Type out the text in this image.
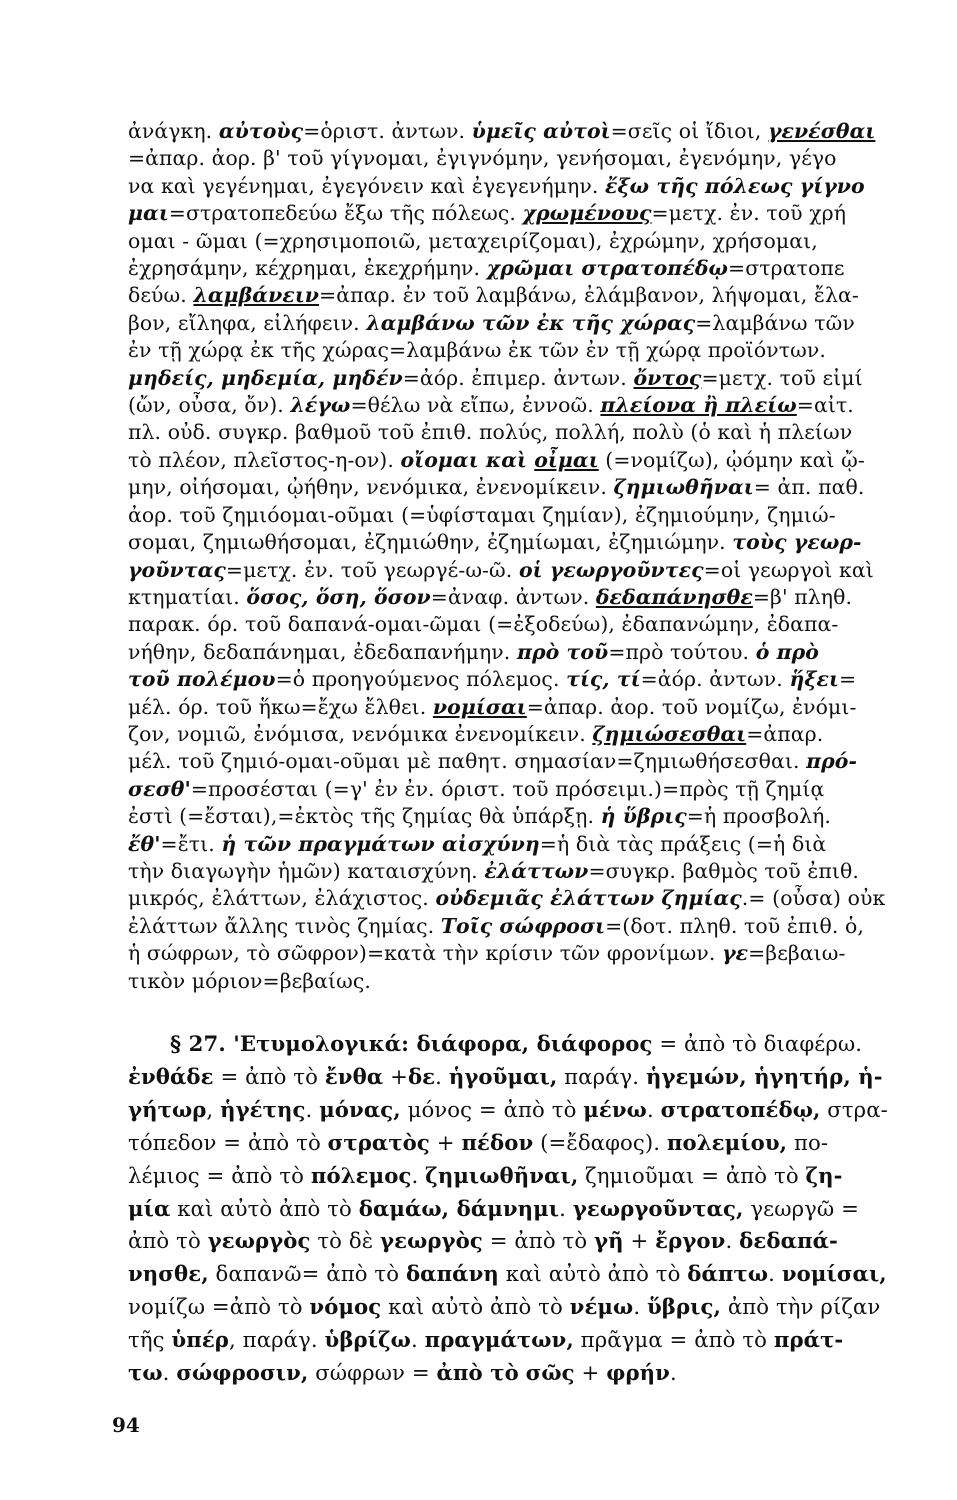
ἀνάγκη. αὐτοὺς=ὁριστ. ἀντων. ὑμεῖς αὐτοὶ=σεῖς οἱ ἴδιοι, γενέσθαι
=ἀπαρ. ἀορ. β' τοῦ γίγνομαι, ἐγιγνόμην, γενήσομαι, ἐγενόμην, γέγο
να καὶ γεγένημαι, ἐγεγόνειν καὶ ἐγεγενήμην. ἔξω τῆς πόλεως γίγνο
μαι=στρατοπεδεύω ἔξω τῆς πόλεως. χρωμένους=μετχ. ἐν. τοῦ χρή
ομαι - ῶμαι (=χρησιμοποιῶ, μεταχειρίζομαι), ἐχρώμην, χρήσομαι,
ἐχρησάμην, κέχρημαι, ἐκεχρήμην. χρῶμαι στρατοπέδῳ=στρατοπε
δεύω. λαμβάνειν=ἀπαρ. ἐν τοῦ λαμβάνω, ἐλάμβανον, λήψομαι, ἔλα-
βον, εἴληφα, εἰλήφειν. λαμβάνω τῶν ἐκ τῆς χώρας=λαμβάνω τῶν
ἐν τῇ χώρᾳ ἐκ τῆς χώρας=λαμβάνω ἐκ τῶν ἐν τῇ χώρᾳ προϊόντων.
μηδείς, μηδεμία, μηδέν=ἀόρ. ἐπιμερ. ἀντων. ὄντος=μετχ. τοῦ εἰμί
(ὤν, οὖσα, ὄν). λέγω=θέλω νὰ εἴπω, ἐννοῶ. πλείονα ἢ πλείω=αἰτ.
πλ. οὐδ. συγκρ. βαθμοῦ τοῦ ἐπιθ. πολύς, πολλή, πολὺ (ὁ καὶ ἡ πλείων
τὸ πλέον, πλεῖστος-η-ον). οἴομαι καὶ οἶμαι (=νομίζω), ᾠόμην καὶ ᾤ-
μην, οἰήσομαι, ᾠήθην, νενόμικα, ἐνενομίκειν. ζημιωθῆναι= ἀπ. παθ.
ἀορ. τοῦ ζημιόομαι-οῦμαι (=ὑφίσταμαι ζημίαν), ἐζημιούμην, ζημιώ-
σομαι, ζημιωθήσομαι, ἐζημιώθην, ἐζημίωμαι, ἐζημιώμην. τοὺς γεωρ-
γοῦντας=μετχ. ἐν. τοῦ γεωργέ-ω-ῶ. οἱ γεωργοῦντες=οἱ γεωργοὶ καὶ
κτηματίαι. ὅσος, ὅση, ὅσον=ἀναφ. ἀντων. δεδαπάνησθε=β' πληθ.
παρακ. όρ. τοῦ δαπανά-ομαι-ῶμαι (=ἐξοδεύω), ἐδαπανώμην, ἐδαπα-
νήθην, δεδαπάνημαι, ἐδεδαπανήμην. πρὸ τοῦ=πρὸ τούτου. ὁ πρὸ
τοῦ πολέμου=ὁ προηγούμενος πόλεμος. τίς, τί=ἀόρ. ἀντων. ἥξει=
μέλ. όρ. τοῦ ἥκω=ἔχω ἔλθει. νομίσαι=ἀπαρ. ἀορ. τοῦ νομίζω, ἐνόμι-
ζον, νομιῶ, ἐνόμισα, νενόμικα ἐνενομίκειν. ζημιώσεσθαι=ἀπαρ.
μέλ. τοῦ ζημιό-ομαι-οῦμαι μὲ παθητ. σημασίαν=ζημιωθήσεσθαι. πρό-
σεσθ'=προσέσται (=γ' ἐν ἐν. όριστ. τοῦ πρόσειμι.)=πρὸς τῇ ζημίᾳ
ἐστὶ (=ἔσται),=ἐκτὸς τῆς ζημίας θὰ ὑπάρξῃ. ἡ ὕβρις=ἡ προσβολή.
ἔθ'=ἔτι. ἡ τῶν πραγμάτων αἰσχύνη=ἡ διὰ τὰς πράξεις (=ἡ διὰ
τὴν διαγωγὴν ἡμῶν) καταισχύνη. ἐλάττων=συγκρ. βαθμὸς τοῦ ἐπιθ.
μικρός, ἐλάττων, ἐλάχιστος. οὐδεμιᾶς ἐλάττων ζημίας.= (οὖσα) οὐκ
ἐλάττων ἄλλης τινὸς ζημίας. Τοῖς σώφροσι=(δοτ. πληθ. τοῦ ἐπιθ. ὁ,
ἡ σώφρων, τὸ σῶφρον)=κατὰ τὴν κρίσιν τῶν φρονίμων. γε=βεβαιω-
τικὸν μόριον=βεβαίως.
§ 27. 'Ετυμολογικά: διάφορα, διάφορος = ἀπὸ τὸ διαφέρω.
ἐνθάδε = ἀπὸ τὸ ἔνθα +δε. ἡγοῦμαι, παράγ. ἡγεμών, ἡγητήρ, ἡ-
γήτωρ, ἡγέτης. μόνας, μόνος = ἀπὸ τὸ μένω. στρατοπέδῳ, στρα-
τόπεδον = ἀπὸ τὸ στρατὸς + πέδον (=ἔδαφος). πολεμίου, πο-
λέμιος = ἀπὸ τὸ πόλεμος. ζημιωθῆναι, ζημιοῦμαι = ἀπὸ τὸ ζη-
μία καὶ αὐτὸ ἀπὸ τὸ δαμάω, δάμνημι. γεωργοῦντας, γεωργῶ =
ἀπὸ τὸ γεωργὸς τὸ δὲ γεωργὸς = ἀπὸ τὸ γῆ + ἔργον. δεδαπά-
νησθε, δαπανῶ= ἀπὸ τὸ δαπάνη καὶ αὐτὸ ἀπὸ τὸ δάπτω. νομίσαι,
νομίζω =ἀπὸ τὸ νόμος καὶ αὐτὸ ἀπὸ τὸ νέμω. ὕβρις, ἀπὸ τὴν ρίζαν
τῆς ὑπέρ, παράγ. ὑβρίζω. πραγμάτων, πρᾶγμα = ἀπὸ τὸ πράτ-
τω. σώφροσιν, σώφρων = ἀπὸ τὸ σῶς + φρήν.
94
